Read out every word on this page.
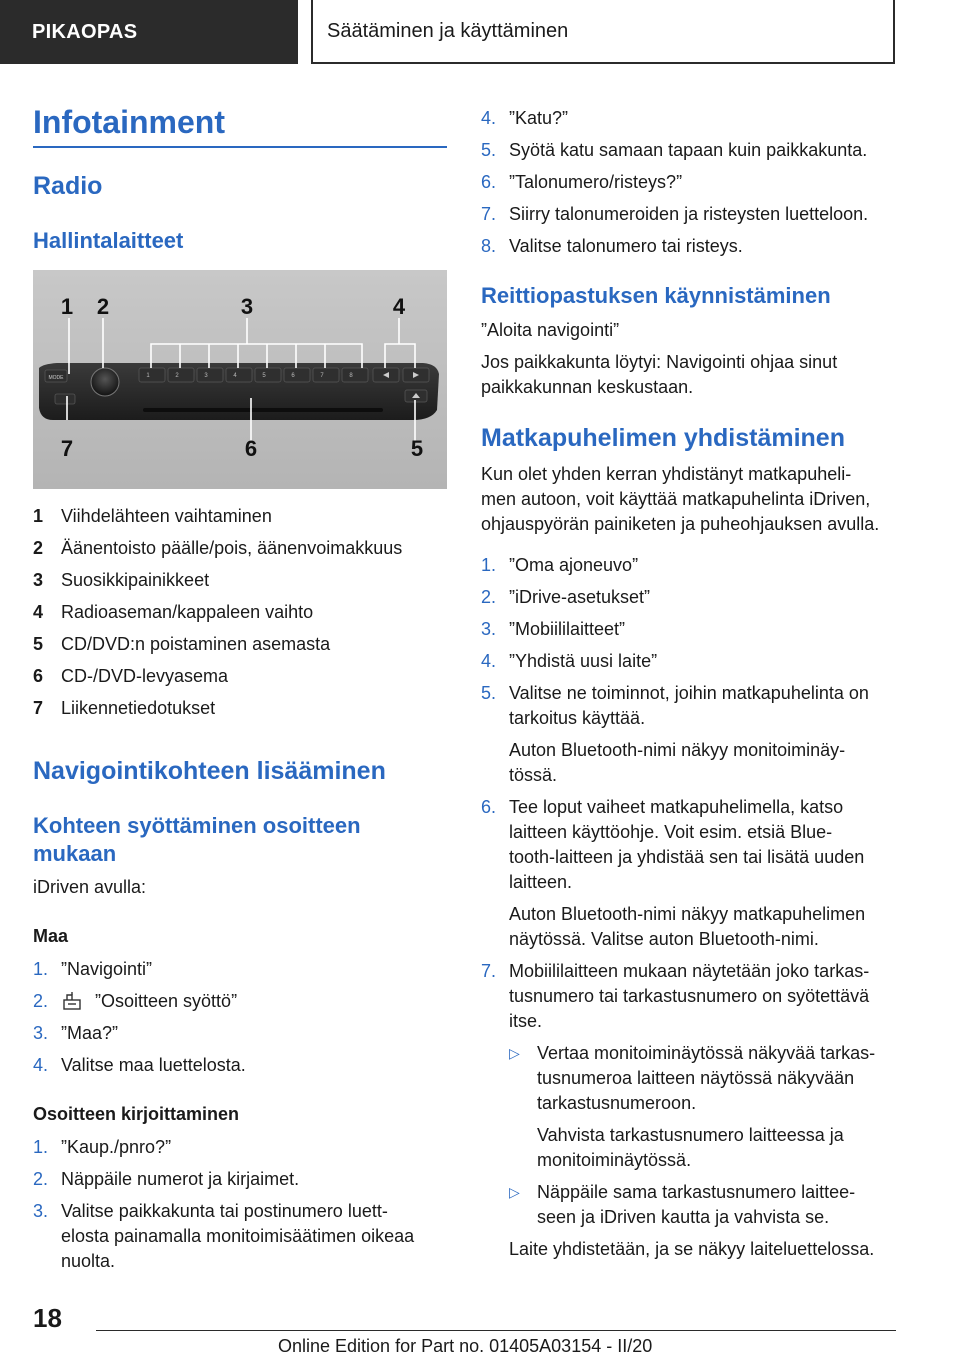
PIKAOPAS	Säätäminen ja käyttäminen
Infotainment
Radio
Hallintalaitteet
MODE	1	2	3	4	5	6	7	8
1 2	3	4
7	6	5
1 Viihdelähteen vaihtaminen
2 Äänentoisto päälle/pois, äänenvoimakkuus
3 Suosikkipainikkeet
4 Radioaseman/kappaleen vaihto
5 CD/DVD:n poistaminen asemasta
6 CD-/DVD-levyasema
7 Liikennetiedotukset
Navigointikohteen lisääminen
Kohteen syöttäminen osoitteen mukaan
iDriven avulla:
Maa
1. ”Navigointi”
2.	”Osoitteen syöttö”
3. ”Maa?”
4. Valitse maa luettelosta.
Osoitteen kirjoittaminen
1. ”Kaup./pnro?”
2. Näppäile numerot ja kirjaimet.
3. Valitse paikkakunta tai postinumero luett-
elosta painamalla monitoimisäätimen oikeaa
nuolta.
4. ”Katu?”
5. Syötä katu samaan tapaan kuin paikkakunta.
6. ”Talonumero/risteys?”
7. Siirry talonumeroiden ja risteysten luetteloon.
8. Valitse talonumero tai risteys.
Reittiopastuksen käynnistäminen
”Aloita navigointi”
Jos paikkakunta löytyi: Navigointi ohjaa sinut
paikkakunnan keskustaan.
Matkapuhelimen yhdistäminen
Kun olet yhden kerran yhdistänyt matkapuheli-
men autoon, voit käyttää matkapuhelinta iDriven,
ohjauspyörän painiketen ja puheohjauksen avulla.
1. ”Oma ajoneuvo”
2. ”iDrive-asetukset”
3. ”Mobiililaitteet”
4. ”Yhdistä uusi laite”
5. Valitse ne toiminnot, joihin matkapuhelinta on
tarkoitus käyttää.
Auton Bluetooth-nimi näkyy monitoiminäy-
tössä.
6. Tee loput vaiheet matkapuhelimella, katso
laitteen käyttöohje. Voit esim. etsiä Blue-
tooth-laitteen ja yhdistää sen tai lisätä uuden
laitteen.
Auton Bluetooth-nimi näkyy matkapuhelimen
näytössä. Valitse auton Bluetooth-nimi.
7. Mobiililaitteen mukaan näytetään joko tarkas-
tusnumero tai tarkastusnumero on syötettävä
itse.
▷ Vertaa monitoiminäytössä näkyvää tarkas-
tusnumeroa laitteen näytössä näkyvään
tarkastusnumeroon.
Vahvista tarkastusnumero laitteessa ja
monitoiminäytössä.
▷ Näppäile sama tarkastusnumero laittee-
seen ja iDriven kautta ja vahvista se.
Laite yhdistetään, ja se näkyy laiteluettelossa.
18
Online Edition for Part no. 01405A03154 - II/20
